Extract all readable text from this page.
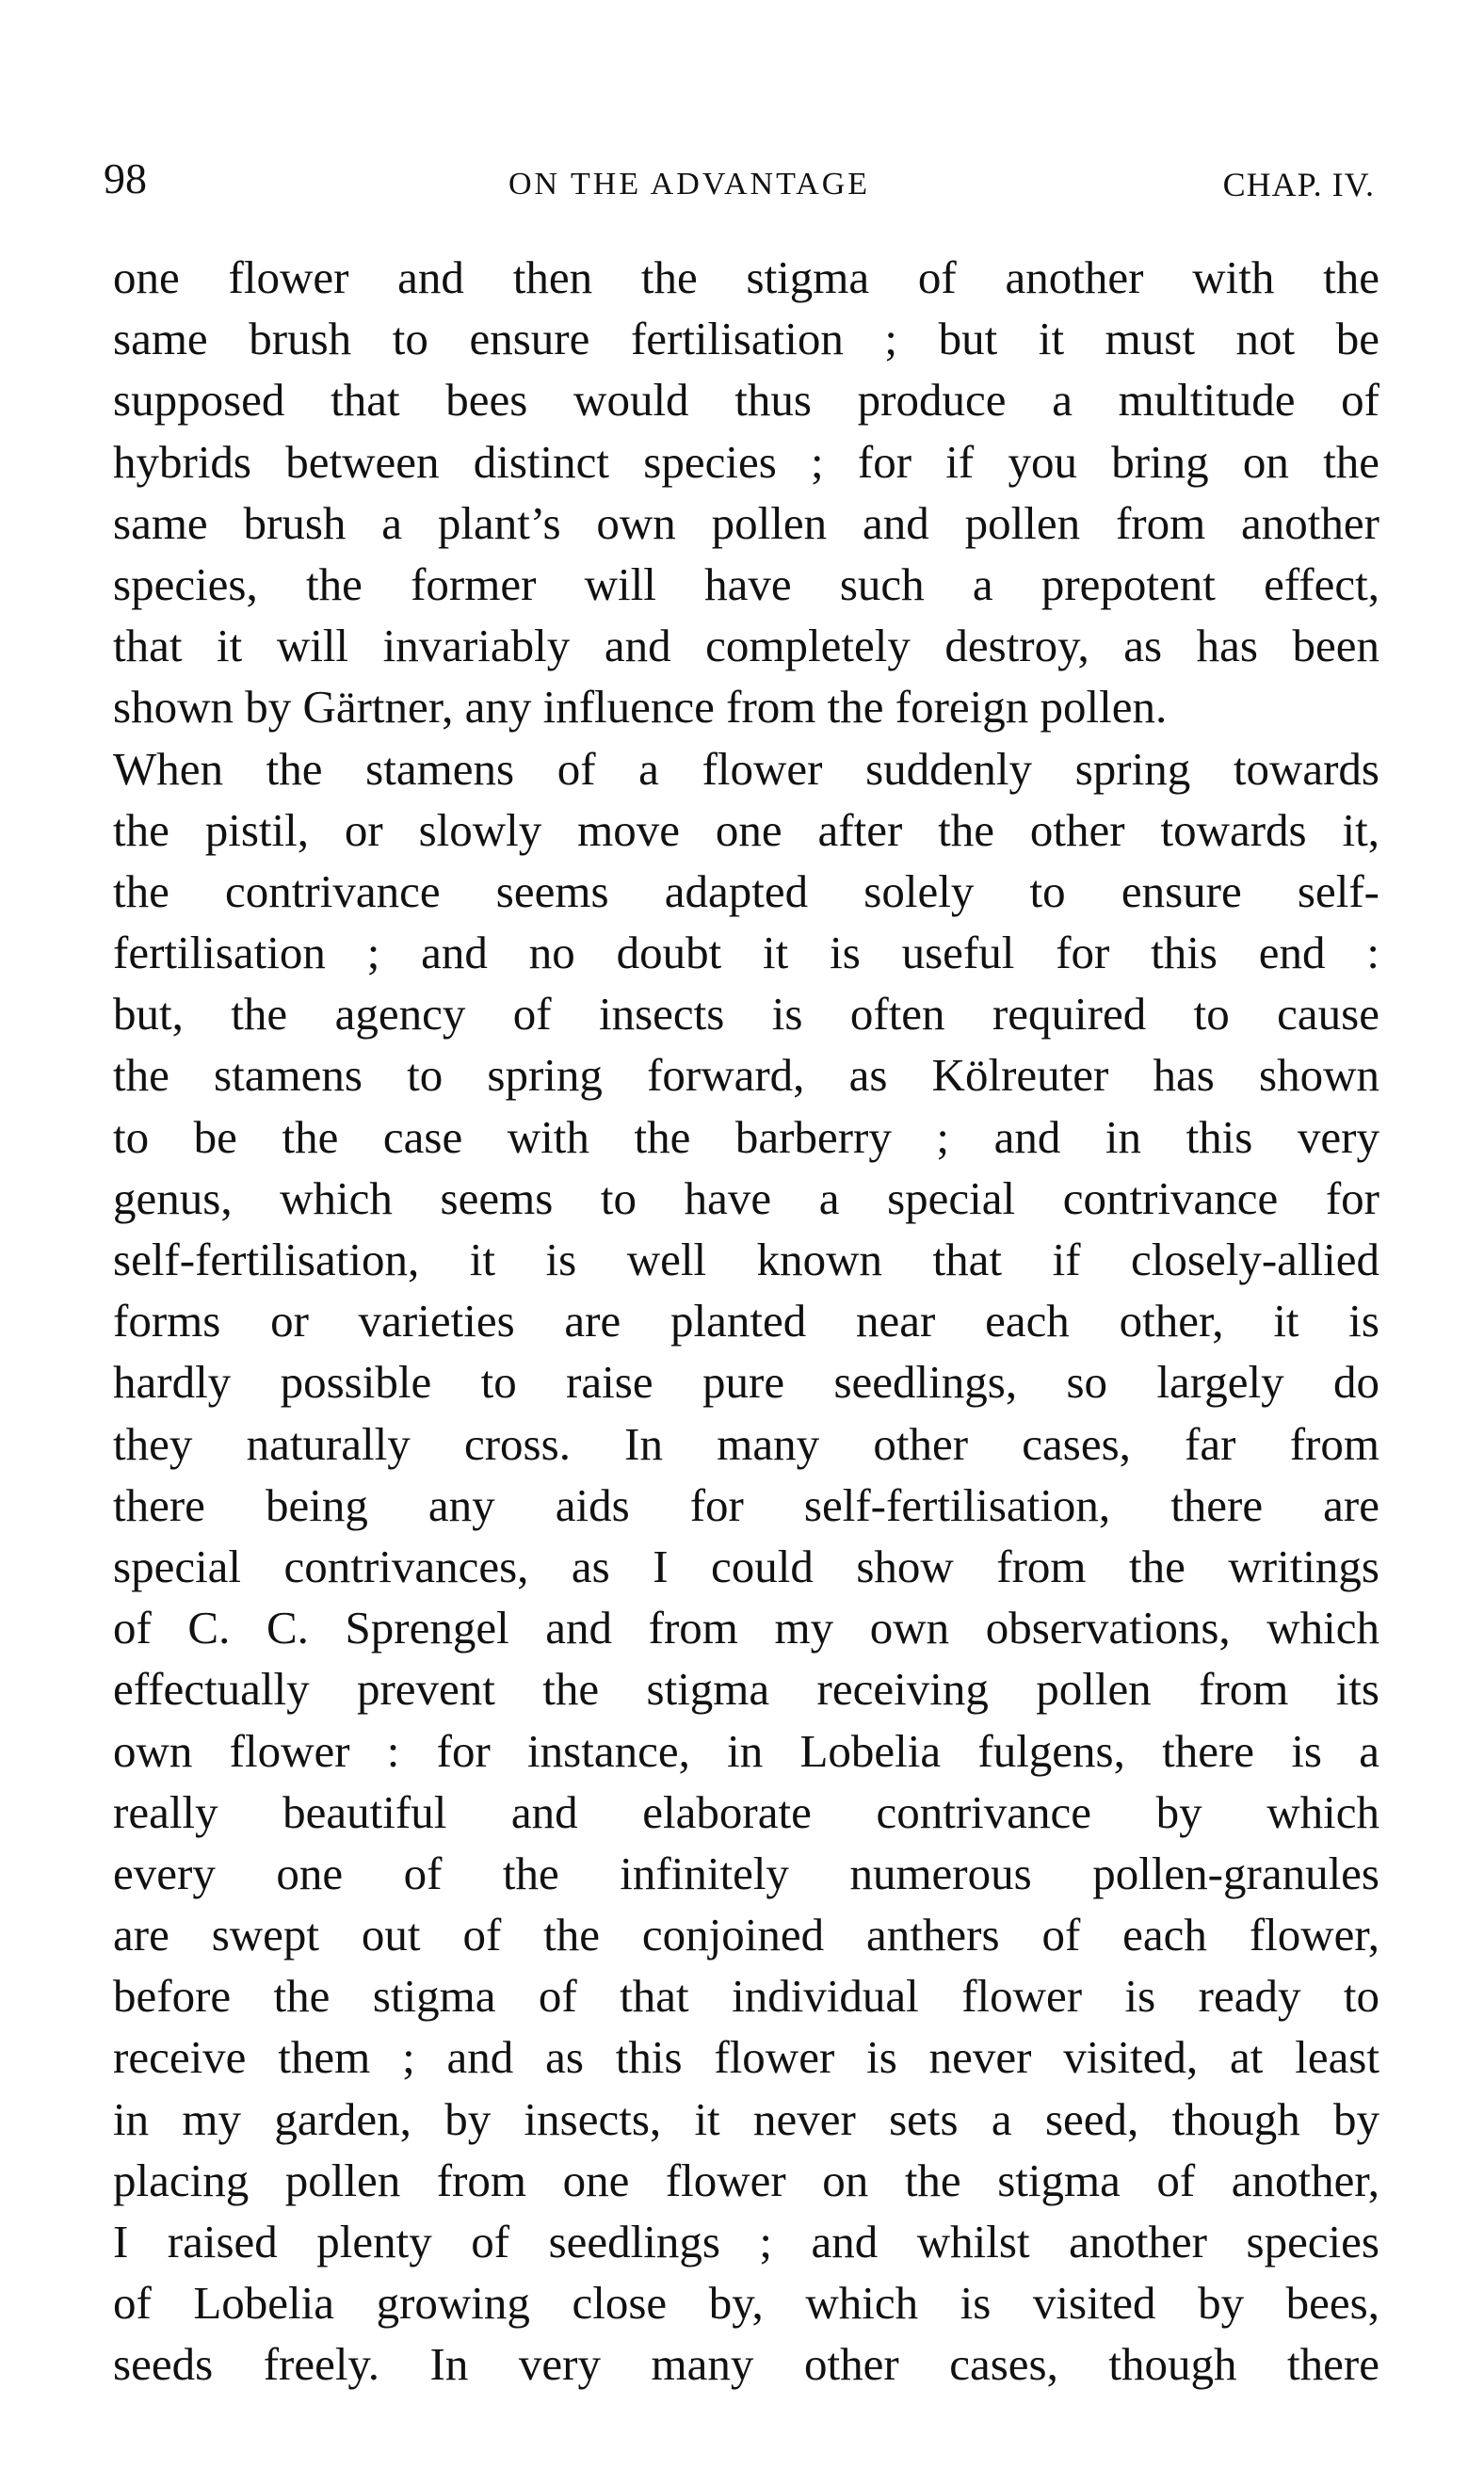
98	ON THE ADVANTAGE	CHAP. IV.
one flower and then the stigma of another with the
same brush to ensure fertilisation ; but it must not be
supposed that bees would thus produce a multitude of
hybrids between distinct species ; for if you bring on the
same brush a plant’s own pollen and pollen from another
species, the former will have such a prepotent effect,
that it will invariably and completely destroy, as has been
shown by Gärtner, any influence from the foreign pollen.
When the stamens of a flower suddenly spring towards
the pistil, or slowly move one after the other towards it,
the contrivance seems adapted solely to ensure self-
fertilisation ; and no doubt it is useful for this end :
but, the agency of insects is often required to cause
the stamens to spring forward, as Kölreuter has shown
to be the case with the barberry ; and in this very
genus, which seems to have a special contrivance for
self-fertilisation, it is well known that if closely-allied
forms or varieties are planted near each other, it is
hardly possible to raise pure seedlings, so largely do
they naturally cross. In many other cases, far from
there being any aids for self-fertilisation, there are
special contrivances, as I could show from the writings
of C. C. Sprengel and from my own observations, which
effectually prevent the stigma receiving pollen from its
own flower : for instance, in Lobelia fulgens, there is a
really beautiful and elaborate contrivance by which
every one of the infinitely numerous pollen-granules
are swept out of the conjoined anthers of each flower,
before the stigma of that individual flower is ready to
receive them ; and as this flower is never visited, at least
in my garden, by insects, it never sets a seed, though by
placing pollen from one flower on the stigma of another,
I raised plenty of seedlings ; and whilst another species
of Lobelia growing close by, which is visited by bees,
seeds freely. In very many other cases, though there
